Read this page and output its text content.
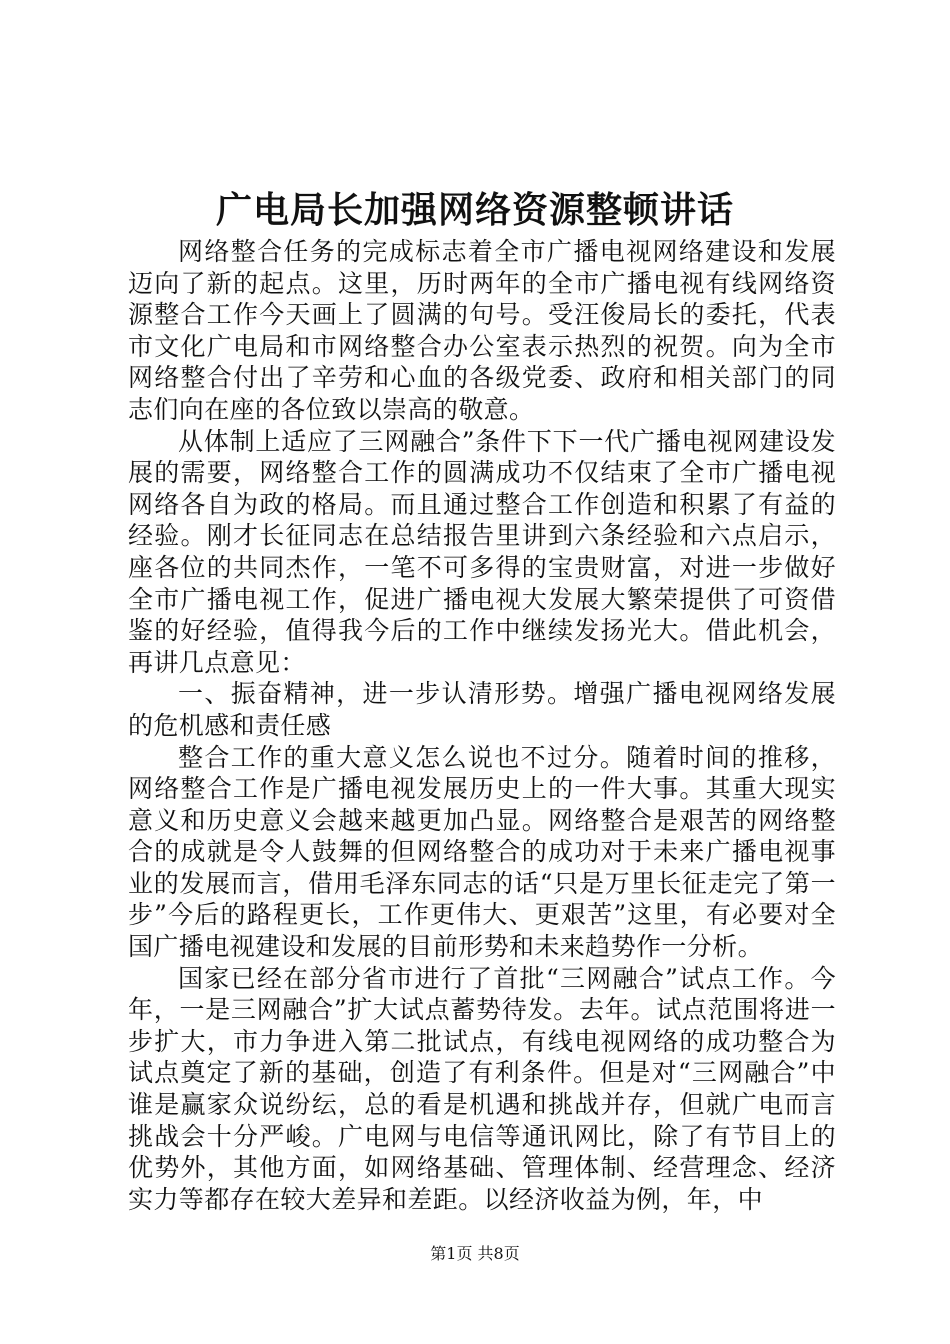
广电局长加强网络资源整顿讲话

网络整合任务的完成标志着全市广播电视网络建设和发展迈向了新的起点。这里，历时两年的全市广播电视有线网络资源整合工作今天画上了圆满的句号。受汪俊局长的委托，代表市文化广电局和市网络整合办公室表示热烈的祝贺。向为全市网络整合付出了辛劳和心血的各级党委、政府和相关部门的同志们向在座的各位致以崇高的敬意。

从体制上适应了三网融合”条件下下一代广播电视网建设发展的需要，网络整合工作的圆满成功不仅结束了全市广播电视网络各自为政的格局。而且通过整合工作创造和积累了有益的经验。刚才长征同志在总结报告里讲到六条经验和六点启示，座各位的共同杰作，一笔不可多得的宝贵财富，对进一步做好全市广播电视工作，促进广播电视大发展大繁荣提供了可资借鉴的好经验，值得我今后的工作中继续发扬光大。借此机会，再讲几点意见：

一、振奋精神，进一步认清形势。增强广播电视网络发展的危机感和责任感

整合工作的重大意义怎么说也不过分。随着时间的推移，网络整合工作是广播电视发展历史上的一件大事。其重大现实意义和历史意义会越来越更加凸显。网络整合是艰苦的网络整合的成就是令人鼓舞的但网络整合的成功对于未来广播电视事业的发展而言，借用毛泽东同志的话“只是万里长征走完了第一步”今后的路程更长，工作更伟大、更艰苦”这里，有必要对全国广播电视建设和发展的目前形势和未来趋势作一分析。

国家已经在部分省市进行了首批“三网融合”试点工作。今年，一是三网融合”扩大试点蓄势待发。去年。试点范围将进一步扩大，市力争进入第二批试点，有线电视网络的成功整合为试点奠定了新的基础，创造了有利条件。但是对“三网融合”中谁是赢家众说纷纭，总的看是机遇和挑战并存，但就广电而言挑战会十分严峻。广电网与电信等通讯网比，除了有节目上的优势外，其他方面，如网络基础、管理体制、经营理念、经济实力等都存在较大差异和差距。以经济收益为例，年，中

第1页 共8页
